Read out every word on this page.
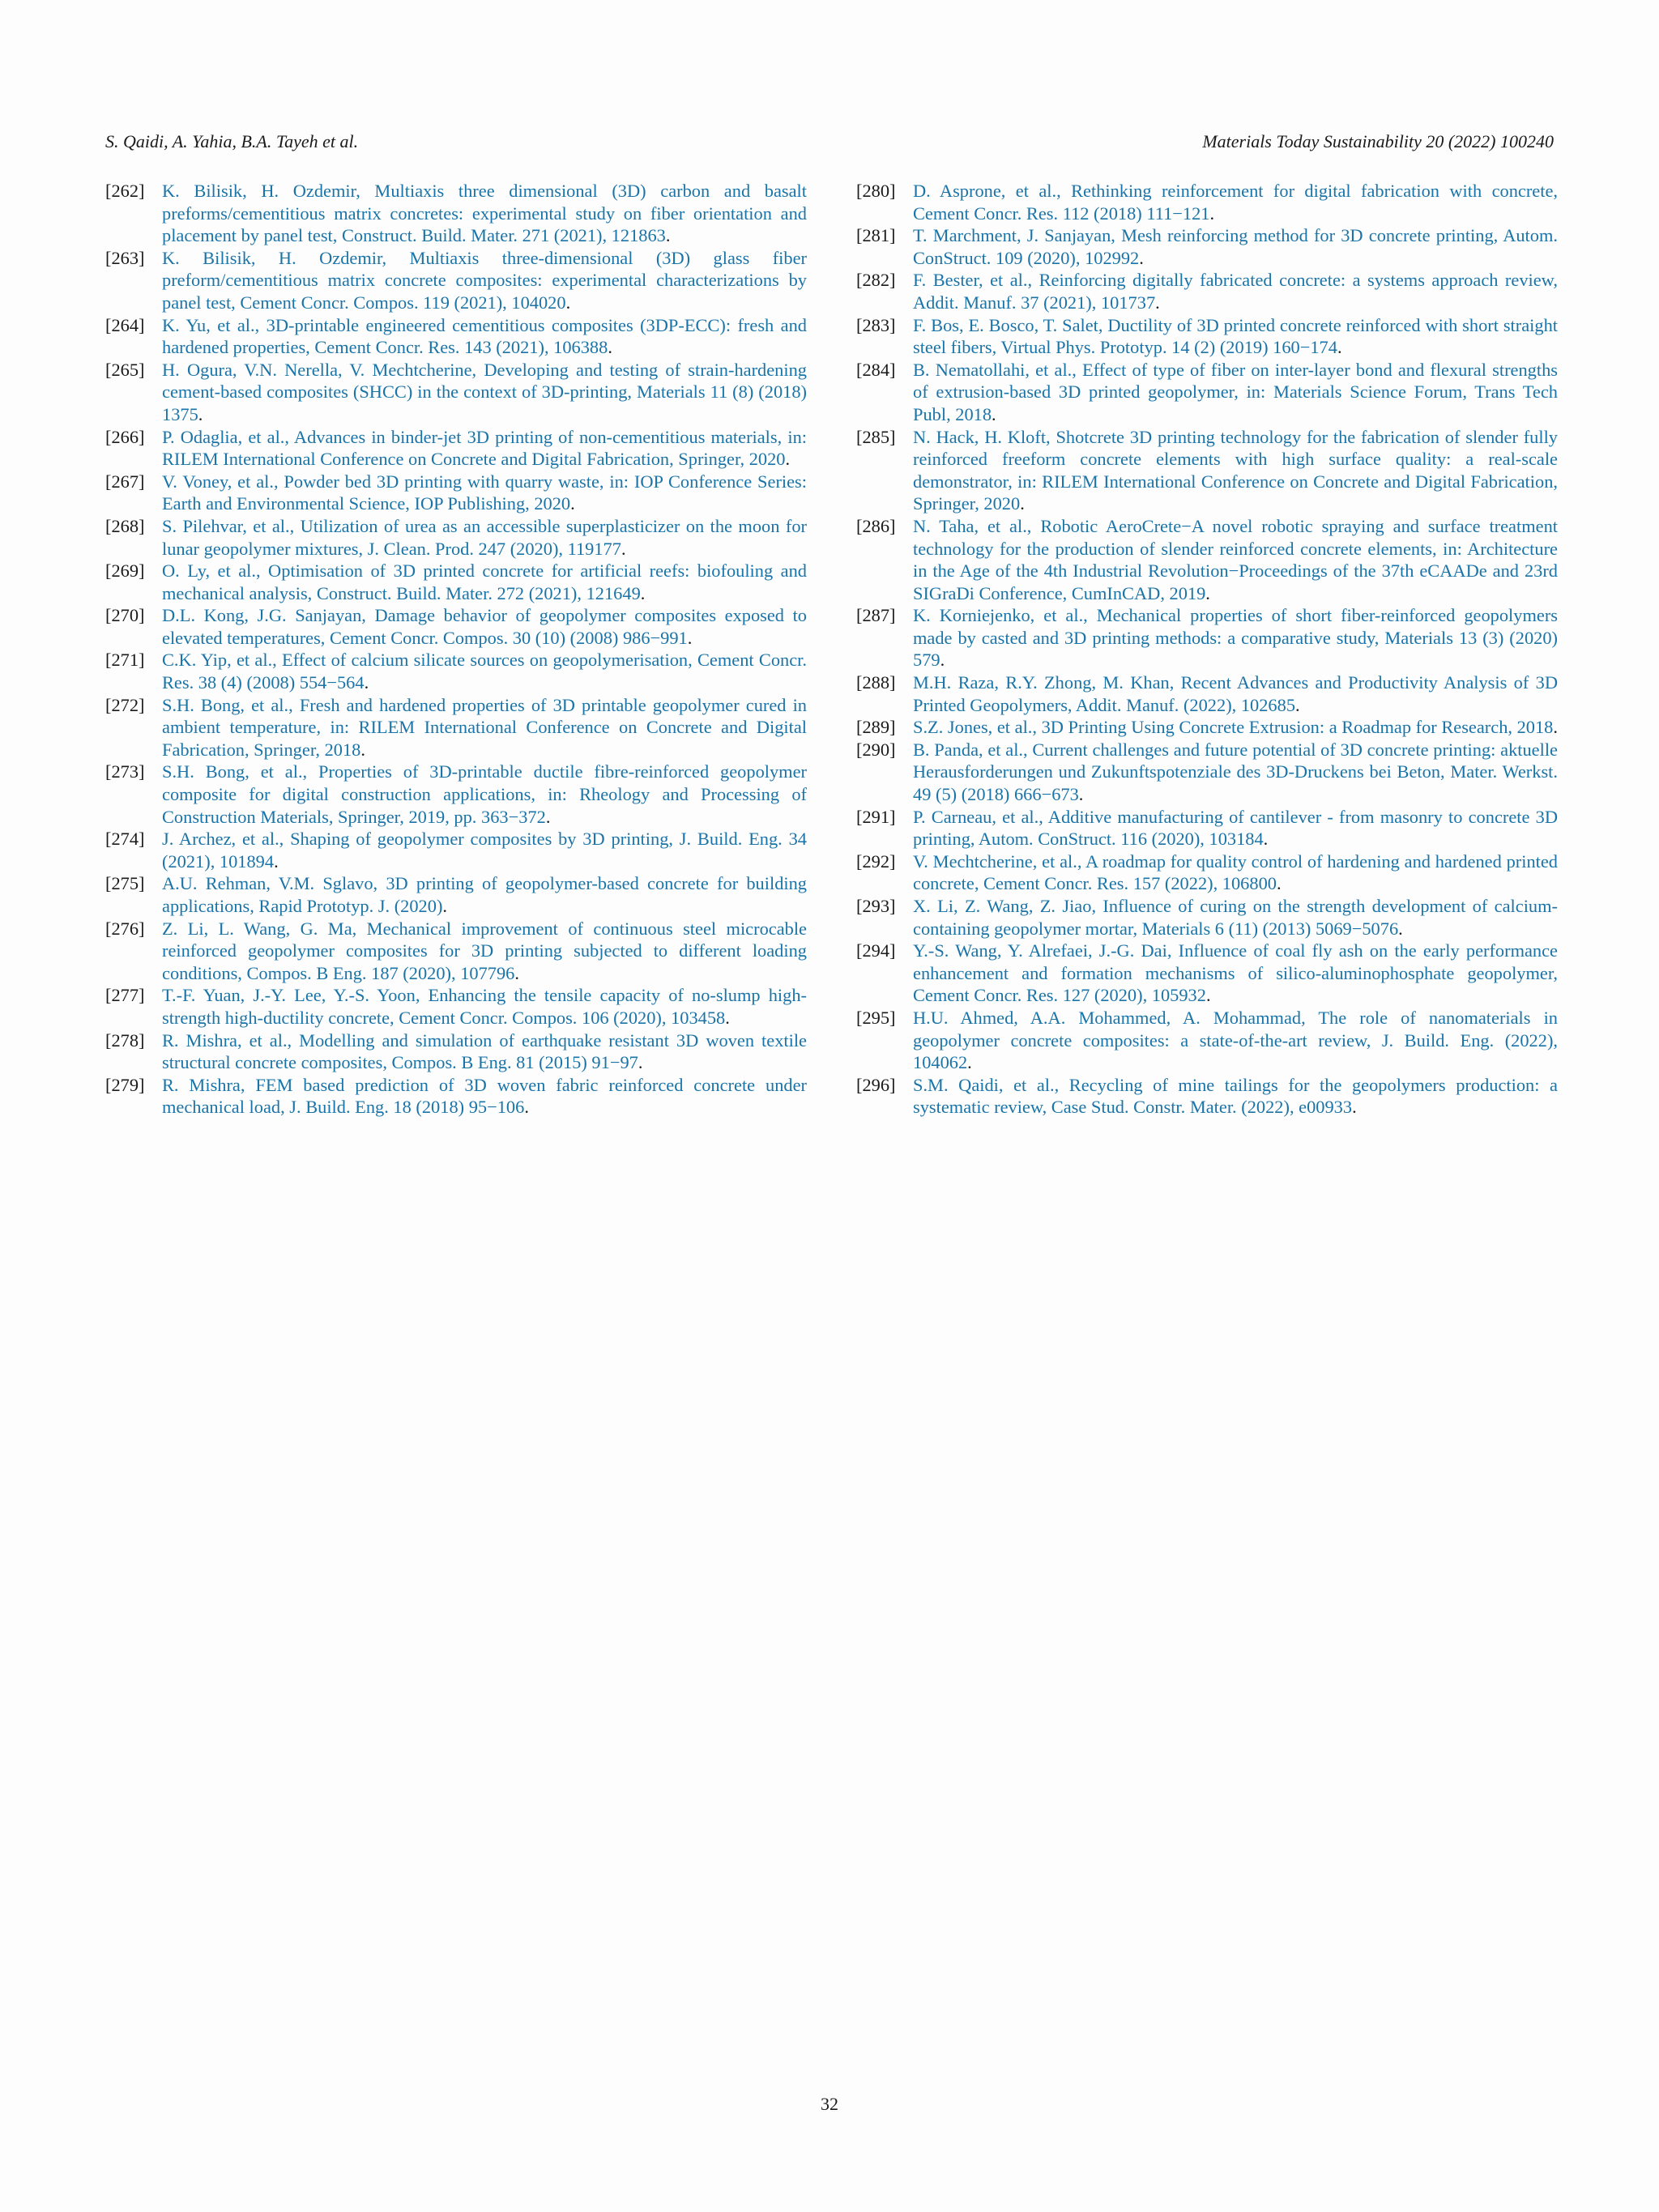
S. Qaidi, A. Yahia, B.A. Tayeh et al.	Materials Today Sustainability 20 (2022) 100240

[262] K. Bilisik, H. Ozdemir, Multiaxis three dimensional (3D) carbon and basalt preforms/cementitious matrix concretes: experimental study on fiber orientation and placement by panel test, Construct. Build. Mater. 271 (2021), 121863.

[263] K. Bilisik, H. Ozdemir, Multiaxis three-dimensional (3D) glass fiber preform/cementitious matrix concrete composites: experimental characterizations by panel test, Cement Concr. Compos. 119 (2021), 104020.

[264] K. Yu, et al., 3D-printable engineered cementitious composites (3DP-ECC): fresh and hardened properties, Cement Concr. Res. 143 (2021), 106388.

[265] H. Ogura, V.N. Nerella, V. Mechtcherine, Developing and testing of strain-hardening cement-based composites (SHCC) in the context of 3D-printing, Materials 11 (8) (2018) 1375.

[266] P. Odaglia, et al., Advances in binder-jet 3D printing of non-cementitious materials, in: RILEM International Conference on Concrete and Digital Fabrication, Springer, 2020.

[267] V. Voney, et al., Powder bed 3D printing with quarry waste, in: IOP Conference Series: Earth and Environmental Science, IOP Publishing, 2020.

[268] S. Pilehvar, et al., Utilization of urea as an accessible superplasticizer on the moon for lunar geopolymer mixtures, J. Clean. Prod. 247 (2020), 119177.

[269] O. Ly, et al., Optimisation of 3D printed concrete for artificial reefs: biofouling and mechanical analysis, Construct. Build. Mater. 272 (2021), 121649.

[270] D.L. Kong, J.G. Sanjayan, Damage behavior of geopolymer composites exposed to elevated temperatures, Cement Concr. Compos. 30 (10) (2008) 986−991.

[271] C.K. Yip, et al., Effect of calcium silicate sources on geopolymerisation, Cement Concr. Res. 38 (4) (2008) 554−564.

[272] S.H. Bong, et al., Fresh and hardened properties of 3D printable geopolymer cured in ambient temperature, in: RILEM International Conference on Concrete and Digital Fabrication, Springer, 2018.

[273] S.H. Bong, et al., Properties of 3D-printable ductile fibre-reinforced geopolymer composite for digital construction applications, in: Rheology and Processing of Construction Materials, Springer, 2019, pp. 363−372.

[274] J. Archez, et al., Shaping of geopolymer composites by 3D printing, J. Build. Eng. 34 (2021), 101894.

[275] A.U. Rehman, V.M. Sglavo, 3D printing of geopolymer-based concrete for building applications, Rapid Prototyp. J. (2020).

[276] Z. Li, L. Wang, G. Ma, Mechanical improvement of continuous steel microcable reinforced geopolymer composites for 3D printing subjected to different loading conditions, Compos. B Eng. 187 (2020), 107796.

[277] T.-F. Yuan, J.-Y. Lee, Y.-S. Yoon, Enhancing the tensile capacity of no-slump high-strength high-ductility concrete, Cement Concr. Compos. 106 (2020), 103458.

[278] R. Mishra, et al., Modelling and simulation of earthquake resistant 3D woven textile structural concrete composites, Compos. B Eng. 81 (2015) 91−97.

[279] R. Mishra, FEM based prediction of 3D woven fabric reinforced concrete under mechanical load, J. Build. Eng. 18 (2018) 95−106.

[280] D. Asprone, et al., Rethinking reinforcement for digital fabrication with concrete, Cement Concr. Res. 112 (2018) 111−121.

[281] T. Marchment, J. Sanjayan, Mesh reinforcing method for 3D concrete printing, Autom. ConStruct. 109 (2020), 102992.

[282] F. Bester, et al., Reinforcing digitally fabricated concrete: a systems approach review, Addit. Manuf. 37 (2021), 101737.

[283] F. Bos, E. Bosco, T. Salet, Ductility of 3D printed concrete reinforced with short straight steel fibers, Virtual Phys. Prototyp. 14 (2) (2019) 160−174.

[284] B. Nematollahi, et al., Effect of type of fiber on inter-layer bond and flexural strengths of extrusion-based 3D printed geopolymer, in: Materials Science Forum, Trans Tech Publ, 2018.

[285] N. Hack, H. Kloft, Shotcrete 3D printing technology for the fabrication of slender fully reinforced freeform concrete elements with high surface quality: a real-scale demonstrator, in: RILEM International Conference on Concrete and Digital Fabrication, Springer, 2020.

[286] N. Taha, et al., Robotic AeroCrete−A novel robotic spraying and surface treatment technology for the production of slender reinforced concrete elements, in: Architecture in the Age of the 4th Industrial Revolution−Proceedings of the 37th eCAADe and 23rd SIGraDi Conference, CumInCAD, 2019.

[287] K. Korniejenko, et al., Mechanical properties of short fiber-reinforced geopolymers made by casted and 3D printing methods: a comparative study, Materials 13 (3) (2020) 579.

[288] M.H. Raza, R.Y. Zhong, M. Khan, Recent Advances and Productivity Analysis of 3D Printed Geopolymers, Addit. Manuf. (2022), 102685.

[289] S.Z. Jones, et al., 3D Printing Using Concrete Extrusion: a Roadmap for Research, 2018.

[290] B. Panda, et al., Current challenges and future potential of 3D concrete printing: aktuelle Herausforderungen und Zukunftspotenziale des 3D-Druckens bei Beton, Mater. Werkst. 49 (5) (2018) 666−673.

[291] P. Carneau, et al., Additive manufacturing of cantilever - from masonry to concrete 3D printing, Autom. ConStruct. 116 (2020), 103184.

[292] V. Mechtcherine, et al., A roadmap for quality control of hardening and hardened printed concrete, Cement Concr. Res. 157 (2022), 106800.

[293] X. Li, Z. Wang, Z. Jiao, Influence of curing on the strength development of calcium-containing geopolymer mortar, Materials 6 (11) (2013) 5069−5076.

[294] Y.-S. Wang, Y. Alrefaei, J.-G. Dai, Influence of coal fly ash on the early performance enhancement and formation mechanisms of silico-aluminophosphate geopolymer, Cement Concr. Res. 127 (2020), 105932.

[295] H.U. Ahmed, A.A. Mohammed, A. Mohammad, The role of nanomaterials in geopolymer concrete composites: a state-of-the-art review, J. Build. Eng. (2022), 104062.

[296] S.M. Qaidi, et al., Recycling of mine tailings for the geopolymers production: a systematic review, Case Stud. Constr. Mater. (2022), e00933.

32
